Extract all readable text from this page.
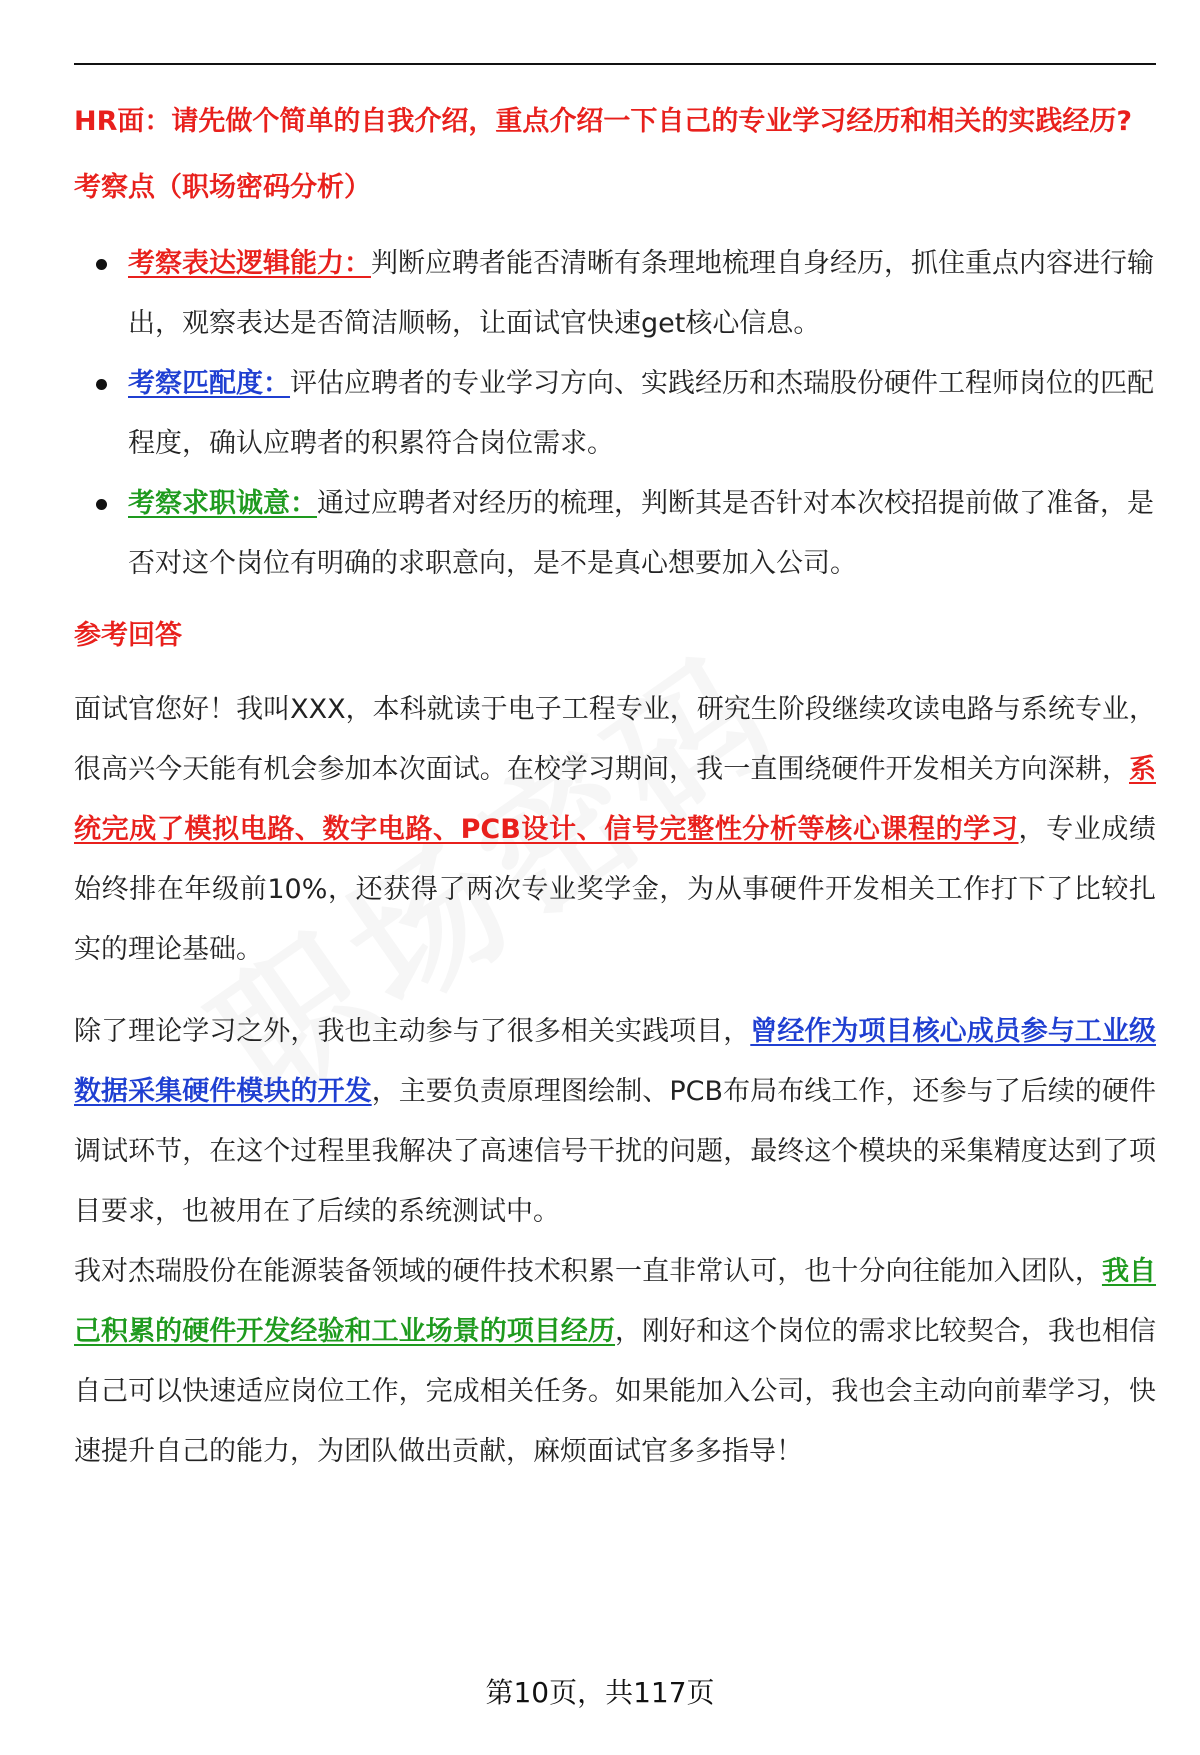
HR面：请先做个简单的自我介绍，重点介绍一下自己的专业学习经历和相关的实践经历?

考察点（职场密码分析）

考察表达逻辑能力：判断应聘者能否清晰有条理地梳理自身经历，抓住重点内容进行输出，观察表达是否简洁顺畅，让面试官快速get核心信息。
考察匹配度：评估应聘者的专业学习方向、实践经历和杰瑞股份硬件工程师岗位的匹配程度，确认应聘者的积累符合岗位需求。
考察求职诚意：通过应聘者对经历的梳理，判断其是否针对本次校招提前做了准备，是否对这个岗位有明确的求职意向，是不是真心想要加入公司。

参考回答

面试官您好！我叫XXX，本科就读于电子工程专业，研究生阶段继续攻读电路与系统专业，很高兴今天能有机会参加本次面试。在校学习期间，我一直围绕硬件开发相关方向深耕，系统完成了模拟电路、数字电路、PCB设计、信号完整性分析等核心课程的学习，专业成绩始终排在年级前10%，还获得了两次专业奖学金，为从事硬件开发相关工作打下了比较扎实的理论基础。

除了理论学习之外，我也主动参与了很多相关实践项目，曾经作为项目核心成员参与工业级数据采集硬件模块的开发，主要负责原理图绘制、PCB布局布线工作，还参与了后续的硬件调试环节，在这个过程里我解决了高速信号干扰的问题，最终这个模块的采集精度达到了项目要求，也被用在了后续的系统测试中。

我对杰瑞股份在能源装备领域的硬件技术积累一直非常认可，也十分向往能加入团队，我自己积累的硬件开发经验和工业场景的项目经历，刚好和这个岗位的需求比较契合，我也相信自己可以快速适应岗位工作，完成相关任务。如果能加入公司，我也会主动向前辈学习，快速提升自己的能力，为团队做出贡献，麻烦面试官多多指导！

第10页，共117页
